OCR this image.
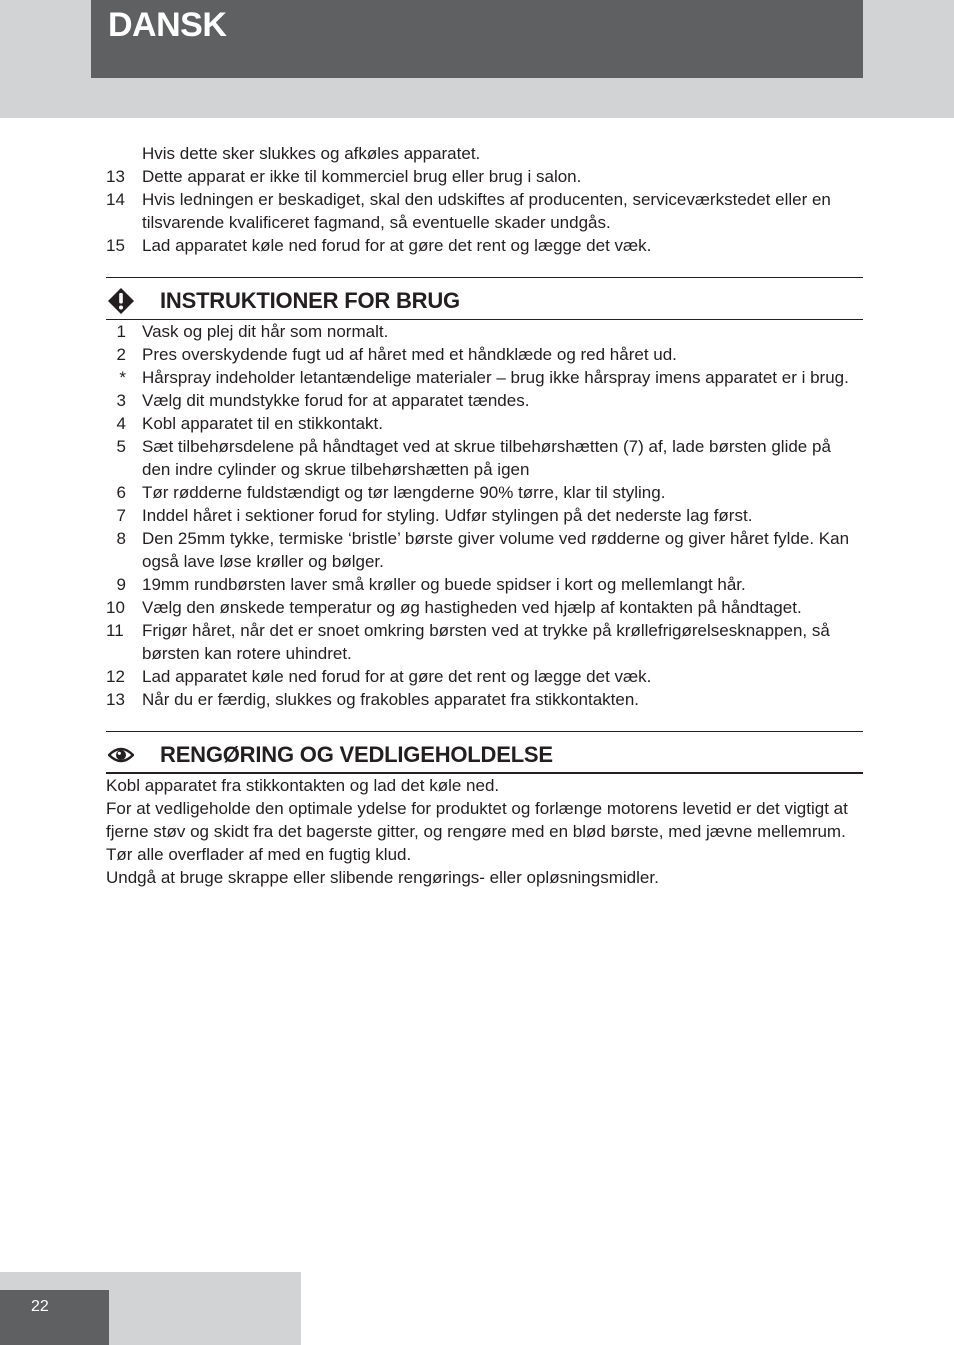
DANSK
Hvis dette sker slukkes og afkøles apparatet.
13 Dette apparat er ikke til kommerciel brug eller brug i salon.
14 Hvis ledningen er beskadiget, skal den udskiftes af producenten, serviceværkstedet eller en tilsvarende kvalificeret fagmand, så eventuelle skader undgås.
15 Lad apparatet køle ned forud for at gøre det rent og lægge det væk.
INSTRUKTIONER FOR BRUG
1 Vask og plej dit hår som normalt.
2 Pres overskydende fugt ud af håret med et håndklæde og red håret ud.
* Hårspray indeholder letantændelige materialer – brug ikke hårspray imens apparatet er i brug.
3 Vælg dit mundstykke forud for at apparatet tændes.
4 Kobl apparatet til en stikkontakt.
5 Sæt tilbehørsdelene på håndtaget ved at skrue tilbehørshætten (7) af, lade børsten glide på den indre cylinder og skrue tilbehørshætten på igen
6 Tør rødderne fuldstændigt og tør længderne 90% tørre, klar til styling.
7 Inddel håret i sektioner forud for styling. Udfør stylingen på det nederste lag først.
8 Den 25mm tykke, termiske ‘bristle’ børste giver volume ved rødderne og giver håret fylde. Kan også lave løse krøller og bølger.
9 19mm rundbørsten laver små krøller og buede spidser i kort og mellemlangt hår.
10 Vælg den ønskede temperatur og øg hastigheden ved hjælp af kontakten på håndtaget.
11 Frigør håret, når det er snoet omkring børsten ved at trykke på krøllefrigørelsesknappen, så børsten kan rotere uhindret.
12 Lad apparatet køle ned forud for at gøre det rent og lægge det væk.
13 Når du er færdig, slukkes og frakobles apparatet fra stikkontakten.
RENGØRING OG VEDLIGEHOLDELSE

Kobl apparatet fra stikkontakten og lad det køle ned.

For at vedligeholde den optimale ydelse for produktet og forlænge motorens levetid er det vigtigt at fjerne støv og skidt fra det bagerste gitter, og rengøre med en blød børste, med jævne mellemrum.

Tør alle overflader af med en fugtig klud.

Undgå at bruge skrappe eller slibende rengørings- eller opløsningsmidler.

22
